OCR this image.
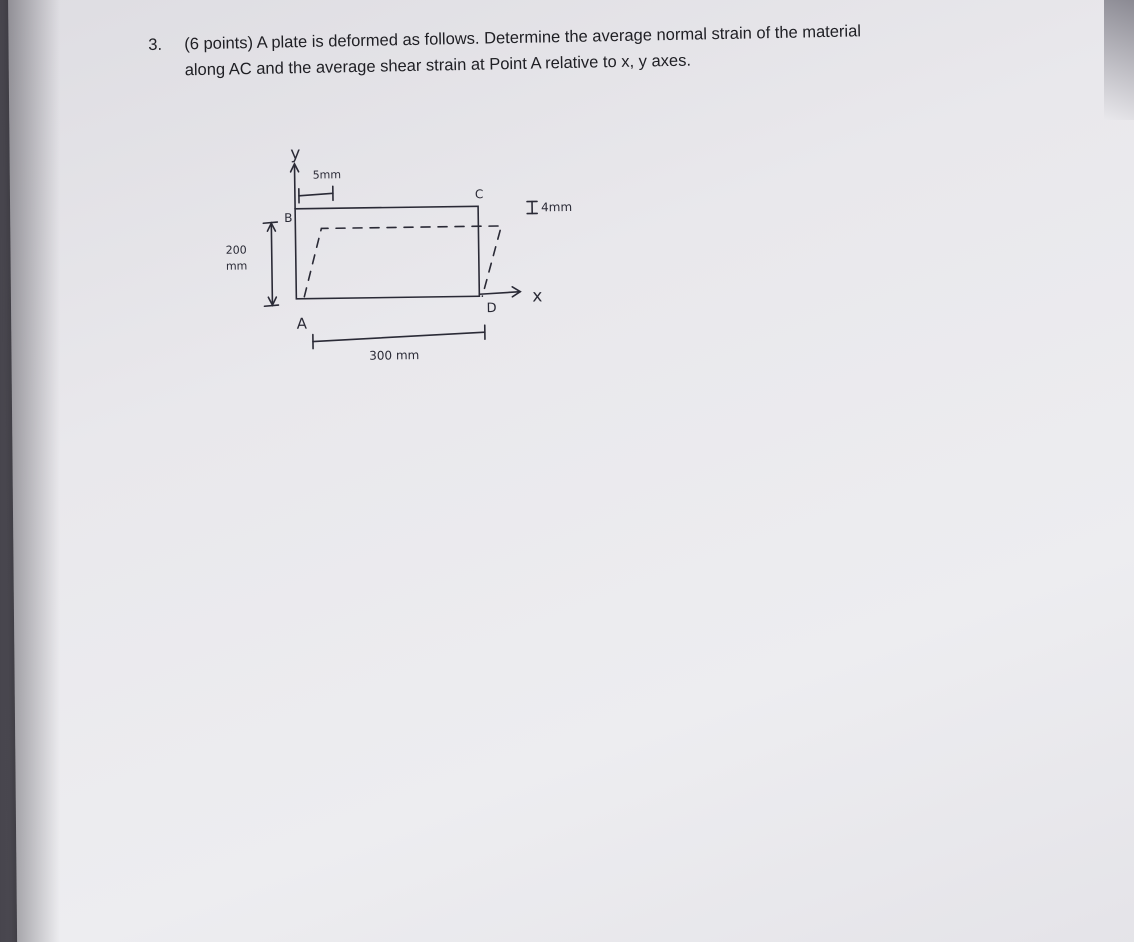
3.	(6 points) A plate is deformed as follows. Determine the average normal strain of the material
along AC and the average shear strain at Point A relative to x, y axes.
y
x
A
B
C
D
5mm
4mm
200
mm
300 mm
